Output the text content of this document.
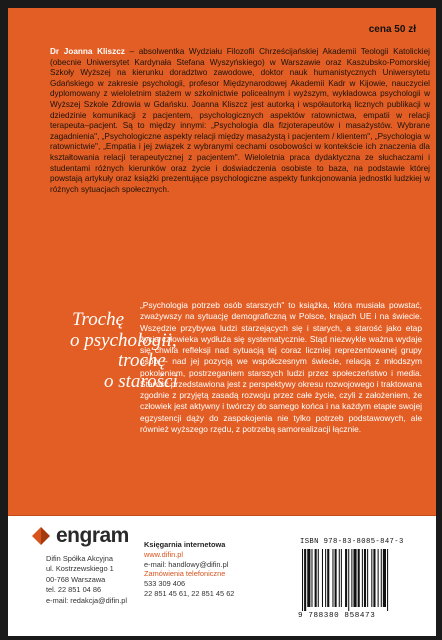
cena 50 zł

Dr Joanna Kliszcz – absolwentka Wydziału Filozofii Chrześcijańskiej Akademii Teologii Katolickiej (obecnie Uniwersytet Kardynała Stefana Wyszyńskiego) w Warszawie oraz Kaszubsko-Pomorskiej Szkoły Wyższej na kierunku doradztwo zawodowe, doktor nauk humanistycznych Uniwersytetu Gdańskiego w zakresie psychologii, profesor Międzynarodowej Akademii Kadr w Kijowie, nauczyciel dyplomowany z wieloletnim stażem w szkolnictwie policealnym i wyższym, wykładowca psychologii w Wyższej Szkole Zdrowia w Gdańsku. Joanna Kliszcz jest autorką i współautorką licznych publikacji w dziedzinie komunikacji z pacjentem, psychologicznych aspektów ratownictwa, empatii w relacji terapeuta–pacjent. Są to między innymi: „Psychologia dla fizjoterapeutów i masażystów. Wybrane zagadnienia", „Psychologiczne aspekty relacji między masażystą i pacjentem / klientem", „Psychologia w ratownictwie", „Empatia i jej związek z wybranymi cechami osobowości w kontekście ich znaczenia dla kształtowania relacji terapeutycznej z pacjentem". Wieloletnia praca dydaktyczna ze słuchaczami i studentami różnych kierunków oraz życie i doświadczenia osobiste to baza, na podstawie której powstają artykuły oraz książki prezentujące psychologiczne aspekty funkcjonowania jednostki ludzkiej w różnych sytuacjach społecznych.

Trochę
o psychologii,
trochę
o starości
„Psychologia potrzeb osób starszych" to książka, która musiała powstać, zważywszy na sytuację demograficzną w Polsce, krajach UE i na świecie. Wszędzie przybywa ludzi starzejących się i starych, a starość jako etap życia człowieka wydłuża się systematycznie. Stąd niezwykle ważna wydaje się chwila refleksji nad sytuacją tej coraz liczniej reprezentowanej grupy osób – nad jej pozycją we współczesnym świecie, relacją z młodszym pokoleniem, postrzeganiem starszych ludzi przez społeczeństwo i media. Starość przedstawiona jest z perspektywy okresu rozwojowego i traktowana zgodnie z przyjętą zasadą rozwoju przez całe życie, czyli z założeniem, że człowiek jest aktywny i twórczy do samego końca i na każdym etapie swojej egzystencji dąży do zaspokojenia nie tylko potrzeb podstawowych, ale również wyższego rzędu, z potrzebą samorealizacji łącznie.
engram
Difin Spółka Akcyjna
ul. Kostrzewskiego 1
00-768 Warszawa
tel. 22 851 04 86
e-mail: redakcja@difin.pl
Księgarnia internetowa
www.difin.pl
e-mail: handlowy@difin.pl
Zamówienia telefoniczne
533 309 406
22 851 45 61, 22 851 45 62
ISBN 978-83-8085-847-3
9 788380 858473
